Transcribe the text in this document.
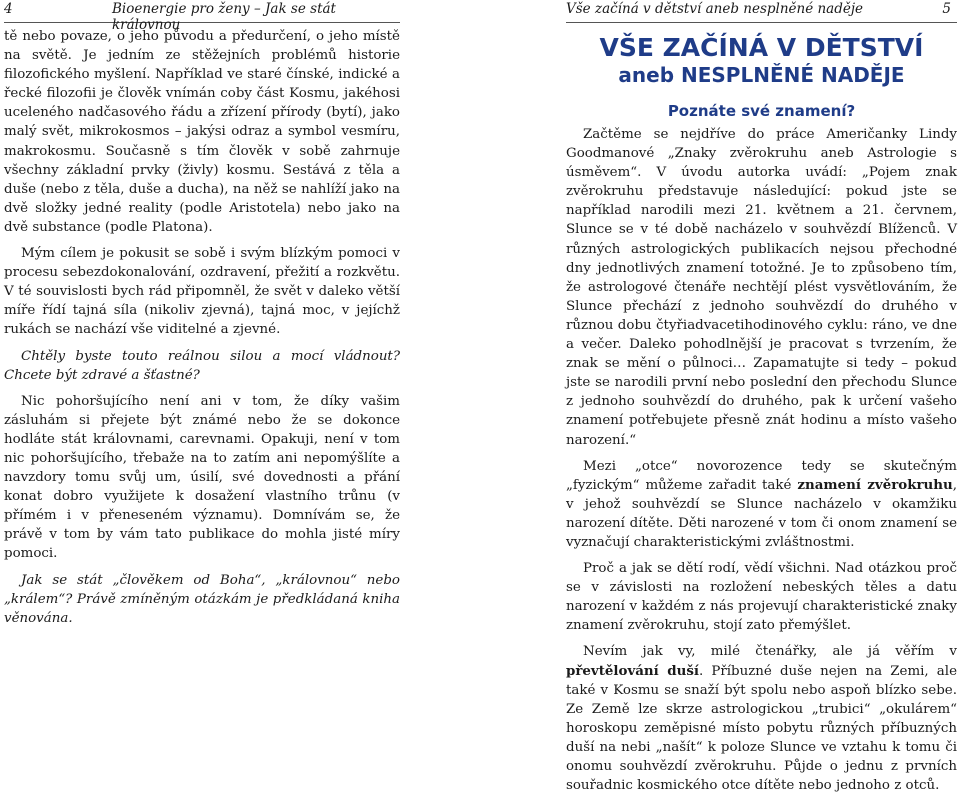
4	Bioenergie pro ženy – Jak se stát královnou

tě nebo povaze, o jeho původu a předurčení, o jeho místě na světě. Je jedním ze stěžejních problémů historie filozofického myšlení. Například ve staré čínské, indické a řecké filozofii je člověk vnímán coby část Kosmu, jakéhosi uceleného nadčasového řádu a zřízení přírody (bytí), jako malý svět, mikrokosmos – jakýsi odraz a symbol vesmíru, makrokosmu. Současně s tím člověk v sobě zahrnuje všechny základní prvky (živly) kosmu. Sestává z těla a duše (nebo z těla, duše a ducha), na něž se nahlíží jako na dvě složky jedné reality (podle Aristotela) nebo jako na dvě substance (podle Platona).

Mým cílem je pokusit se sobě i svým blízkým pomoci v procesu sebezdokonalování, ozdravení, přežití a rozkvětu. V té souvislosti bych rád připomněl, že svět v daleko větší míře řídí tajná síla (nikoliv zjevná), tajná moc, v jejíchž rukách se nachází vše viditelné a zjevné.

Chtěly byste touto reálnou silou a mocí vládnout? Chcete být zdravé a šťastné?

Nic pohoršujícího není ani v tom, že díky vašim zásluhám si přejete být známé nebo že se dokonce hodláte stát královnami, carevnami. Opakuji, není v tom nic pohoršujícího, třebaže na to zatím ani nepomýšlíte a navzdory tomu svůj um, úsilí, své dovednosti a přání konat dobro využijete k dosažení vlastního trůnu (v přímém i v přeneseném významu). Domnívám se, že právě v tom by vám tato publikace do mohla jisté míry pomoci.

Jak se stát „člověkem od Boha“, „královnou“ nebo „králem“? Právě zmíněným otázkám je předkládaná kniha věnována.

Vše začíná v dětství aneb nesplněné naděje	5
VŠE ZAČÍNÁ V DĚTSTVÍ
aneb NESPLNĚNÉ NADĚJE
Poznáte své znamení?

Začtěme se nejdříve do práce Američanky Lindy Goodmanové „Znaky zvěrokruhu aneb Astrologie s úsměvem“. V úvodu autorka uvádí: „Pojem znak zvěrokruhu představuje následující: pokud jste se například narodili mezi 21. květnem a 21. červnem, Slunce se v té době nacházelo v souhvězdí Blíženců. V různých astrologických publikacích nejsou přechodné dny jednotlivých znamení totožné. Je to způsobeno tím, že astrologové čtenáře nechtějí plést vysvětlováním, že Slunce přechází z jednoho souhvězdí do druhého v různou dobu čtyřiadvacetihodinového cyklu: ráno, ve dne a večer. Daleko pohodlnější je pracovat s tvrzením, že znak se mění o půlnoci… Zapamatujte si tedy – pokud jste se narodili první nebo poslední den přechodu Slunce z jednoho souhvězdí do druhého, pak k určení vašeho znamení potřebujete přesně znát hodinu a místo vašeho narození.“

Mezi „otce“ novorozence tedy se skutečným „fyzickým“ můžeme zařadit také znamení zvěrokruhu, v jehož souhvězdí se Slunce nacházelo v okamžiku narození dítěte. Děti narozené v tom či onom znamení se vyznačují charakteristickými zvláštnostmi.

Proč a jak se dětí rodí, vědí všichni. Nad otázkou proč se v závislosti na rozložení nebeských těles a datu narození v každém z nás projevují charakteristické znaky znamení zvěrokruhu, stojí zato přemýšlet.

Nevím jak vy, milé čtenářky, ale já věřím v převtělování duší. Příbuzné duše nejen na Zemi, ale také v Kosmu se snaží být spolu nebo aspoň blízko sebe. Ze Země lze skrze astrologickou „trubici“ „okulárem“ horoskopu zeměpisné místo pobytu různých příbuzných duší na nebi „našít“ k poloze Slunce ve vztahu k tomu či onomu souhvězdí zvěrokruhu. Půjde o jednu z prvních souřadnic kosmického otce dítěte nebo jednoho z otců.
